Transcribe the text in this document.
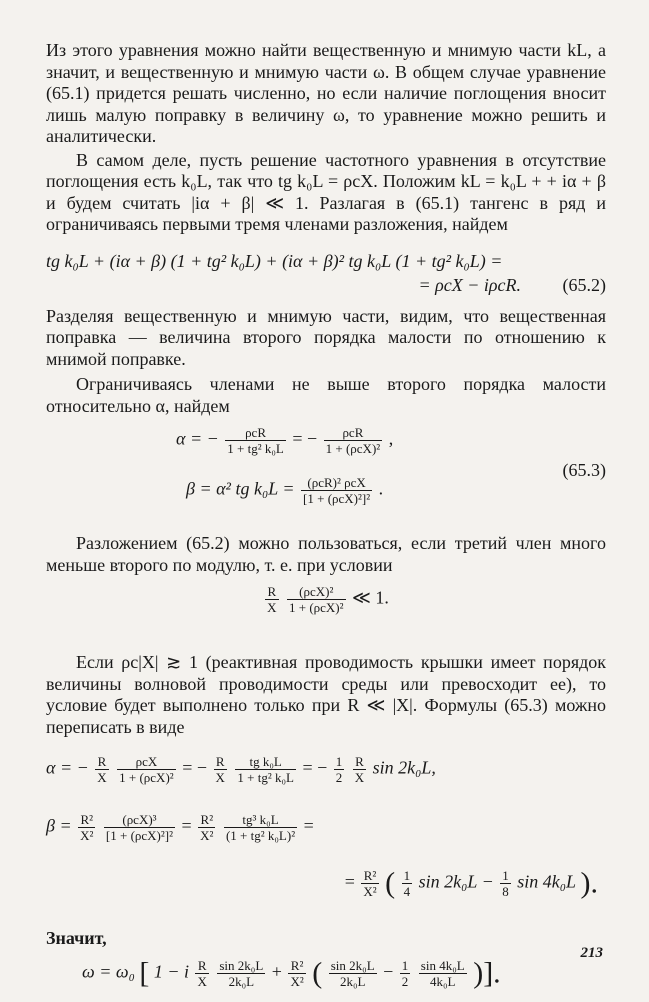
Из этого уравнения можно найти вещественную и мнимую части kL, а значит, и вещественную и мнимую части ω. В общем случае уравнение (65.1) придется решать численно, но если наличие поглощения вносит лишь малую поправку в величину ω, то уравнение можно решить и аналитически.

В самом деле, пусть решение частотного уравнения в отсутствие поглощения есть k₀L, так что tg k₀L = ρcX. Положим kL = k₀L + + iα + β и будем считать |iα + β| ≪ 1. Разлагая в (65.1) тангенс в ряд и ограничиваясь первыми тремя членами разложения, найдем

tg k₀L + (iα + β) (1 + tg² k₀L) + (iα + β)² tg k₀L (1 + tg² k₀L) =
= ρcX − iρcR.	(65.2)

Разделяя вещественную и мнимую части, видим, что вещественная поправка — величина второго порядка малости по отношению к мнимой поправке.

Ограничиваясь членами не выше второго порядка малости относительно α, найдем

α = − $\frac{\text{ρcR}}{\text{1 + tg² k₀L}}$ = − $\frac{\text{ρcR}}{\text{1 + (ρcX)²}}$ ,
(65.3)
β = α² tg $k_0L = \frac{\text{(ρcR)² ρcX}}{\text{[1 + (ρcX)²]²}}$ .

Разложением (65.2) можно пользоваться, если третий член много меньше второго по модулю, т. е. при условии

$\frac{R}{X}$
$\frac{\text{(ρcX)²}}{\text{1 + (ρcX)²}}$ ≪ 1.

Если ρc|X| ≳ 1 (реактивная проводимость крышки имеет порядок величины волновой проводимости среды или превосходит ее), то условие будет выполнено только при R ≪ |X|. Формулы (65.3) можно переписать в виде

α = − $\frac{R}{X}$
$\frac{\text{ρcX}}{\text{1 + (ρcX)²}}$ = − $\frac{R}{X}$
$\frac{\text{tg k₀L}}{\text{1 + tg² k₀L}}$ = − $\frac{1}{2}$
$\frac{R}{X}$ sin 2k₀L,
$\beta = \frac{\text{R²}}{\text{X²}}$
$\frac{\text{(ρcX)³}}{\text{[1 + (ρcX)²]²}} = \frac{\text{R²}}{\text{X²}}$
$\frac{\text{tg³ k₀L}}{\text{(1 + tg² k₀L)²}}$ =
= $\frac{\text{R²}}{\text{X²}}$ ( $\frac{1}{4}$ $\sin 2k_0L - \frac{1}{8}$ sin 4k₀L ).

Значит,

ω = ω₀ [ 1 − i $\frac{R}{X}$
$\frac{\text{sin 2k₀L}}{\text{2k₀L}} + \frac{\text{R²}}{\text{X²}}$ ( $\frac{\text{sin 2k₀L}}{\text{2k₀L}} - \frac{1}{2}$
$\frac{\text{sin 4k₀L}}{\text{4k₀L}}$ )].
213
